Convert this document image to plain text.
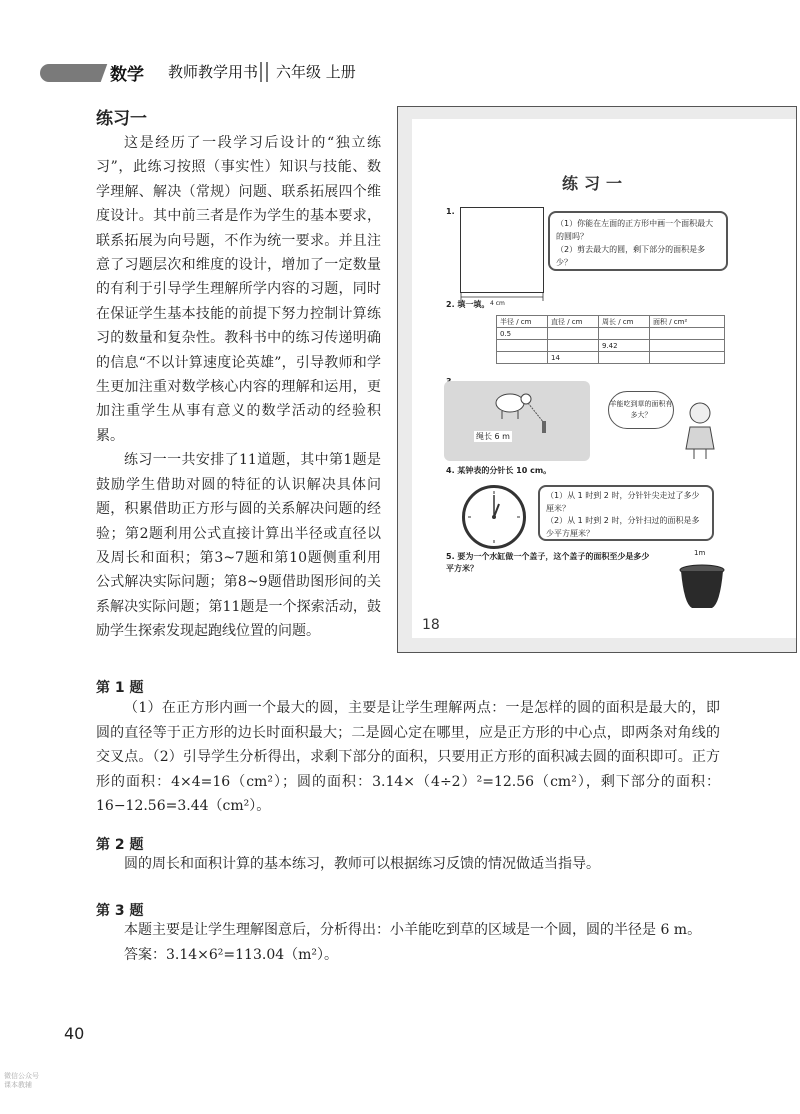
数学 教师教学用书 六年级 上册
练习一

这是经历了一段学习后设计的“独立练习”，此练习按照（事实性）知识与技能、数学理解、解决（常规）问题、联系拓展四个维度设计。其中前三者是作为学生的基本要求，联系拓展为向号题，不作为统一要求。并且注意了习题层次和维度的设计，增加了一定数量的有利于引导学生理解所学内容的习题，同时在保证学生基本技能的前提下努力控制计算练习的数量和复杂性。教科书中的练习传递明确的信息“不以计算速度论英雄”，引导教师和学生更加注重对数学核心内容的理解和运用，更加注重学生从事有意义的数学活动的经验积累。

练习一一共安排了11道题，其中第1题是鼓励学生借助对圆的特征的认识解决具体问题，积累借助正方形与圆的关系解决问题的经验；第2题利用公式直接计算出半径或直径以及周长和面积；第3~7题和第10题侧重利用公式解决实际问题；第8~9题借助图形间的关系解决实际问题；第11题是一个探索活动，鼓励学生探索发现起跑线位置的问题。

练习一
1.
4 cm
（1）你能在左面的正方形中画一个面积最大的圆吗？
（2）剪去最大的圆，剩下部分的面积是多少？
2. 填一填。
半径 / cm	直径 / cm	周长 / cm	面积 / cm²
0.5			
		9.42	
	14		
绳长 6 m
羊能吃到草的面积有多大？
4. 某钟表的分针长 10 cm。
（1）从 1 时到 2 时，分针针尖走过了多少厘米？
（2）从 1 时到 2 时，分针扫过的面积是多少平方厘米？
5. 要为一个水缸做一个盖子，这个盖子的面积至少是多少平方米？
1m
18
第 1 题

（1）在正方形内画一个最大的圆，主要是让学生理解两点：一是怎样的圆的面积是最大的，即圆的直径等于正方形的边长时面积最大；二是圆心定在哪里，应是正方形的中心点，即两条对角线的交叉点。（2）引导学生分析得出，求剩下部分的面积，只要用正方形的面积减去圆的面积即可。正方形的面积：4×4=16（cm²）；圆的面积：3.14×（4÷2）²=12.56（cm²），剩下部分的面积：16−12.56=3.44（cm²）。

第 2 题

圆的周长和面积计算的基本练习，教师可以根据练习反馈的情况做适当指导。

第 3 题

本题主要是让学生理解图意后，分析得出：小羊能吃到草的区域是一个圆，圆的半径是 6 m。

答案：3.14×6²=113.04（m²）。

40
微信公众号
课本教辅
